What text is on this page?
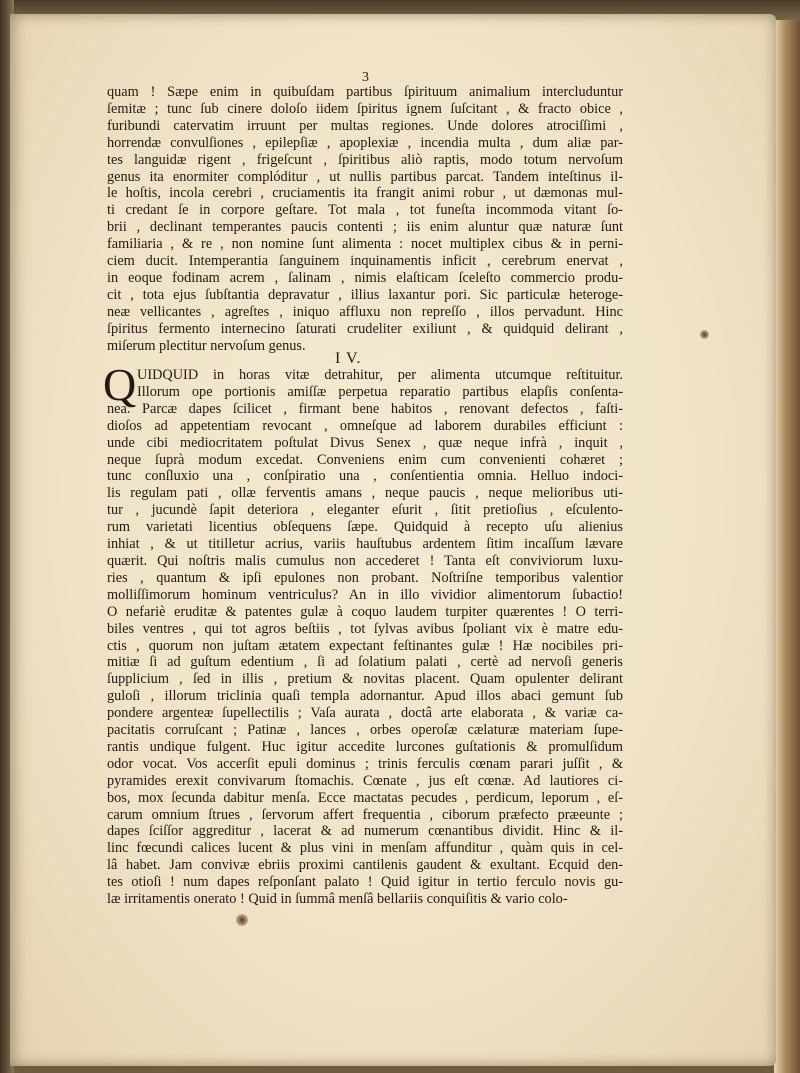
3
quam ! Sæpe enim in quibuſdam partibus ſpirituum animalium intercluduntur
ſemitæ ; tunc ſub cinere doloſo iidem ſpiritus ignem ſuſcitant , & fracto obice ,
furibundi catervatim irruunt per multas regiones. Unde dolores atrociſſimi ,
horrendæ convulſiones , epilepſiæ , apoplexiæ , incendia multa , dum aliæ par-
tes languidæ rigent , frigeſcunt , ſpiritibus aliò raptis, modo totum nervoſum
genus ita enormiter complóditur , ut nullis partibus parcat. Tandem inteſtinus il-
le hoſtis, incola cerebri , cruciamentis ita frangit animi robur , ut dæmonas mul-
ti credant ſe in corpore geſtare. Tot mala , tot funeſta incommoda vitant ſo-
brii , declinant temperantes paucis contenti ; iis enim aluntur quæ naturæ ſunt
familiaria , & re , non nomine ſunt alimenta : nocet multiplex cibus & in perni-
ciem ducit. Intemperantia ſanguinem inquinamentis inficit , cerebrum enervat ,
in eoque fodinam acrem , ſalinam , nimis elaſticam ſceleſto commercio produ-
cit , tota ejus ſubſtantia depravatur , illius laxantur pori. Sic particulæ heteroge-
neæ vellicantes , agreſtes , iniquo affluxu non repreſſo , illos pervadunt. Hinc
ſpiritus fermento internecino ſaturati crudeliter exiliunt , & quidquid delirant ,
miſerum plectitur nervoſum genus.
I V.
Q UIDQUID in horas vitæ detrahitur, per alimenta utcumque reſtituitur.
Illorum ope portionis amiſſæ perpetua reparatio partibus elapſis conſenta-
nea. Parcæ dapes ſcilicet , firmant bene habitos , renovant defectos , faſti-
dioſos ad appetentiam revocant , omneſque ad laborem durabiles efficiunt :
unde cibi mediocritatem poſtulat Divus Senex , quæ neque infrà , inquit ,
neque ſuprà modum excedat. Conveniens enim cum convenienti cohæret ;
tunc conſluxio una , conſpiratio una , conſentientia omnia. Helluo indoci-
lis regulam pati , ollæ ferventis amans , neque paucis , neque melioribus uti-
tur , jucundè ſapit deteriora , eleganter eſurit , ſitit pretioſius , eſculento-
rum varietati licentius obſequens ſæpe. Quidquid à recepto uſu alienius
inhiat , & ut titilletur acrius, variis hauſtubus ardentem ſitim incaſſum lævare
quærit. Qui noſtris malis cumulus non accederet ! Tanta eſt conviviorum luxu-
ries , quantum & ipſi epulones non probant. Noſtriſne temporibus valentior
molliſſimorum hominum ventriculus? An in illo vividior alimentorum ſubactio!
O nefariè eruditæ & patentes gulæ à coquo laudem turpiter quærentes ! O terri-
biles ventres , qui tot agros beſtiis , tot ſylvas avibus ſpoliant vix è matre edu-
ctis , quorum non juſtam ætatem expectant feſtinantes gulæ ! Hæ nocibiles pri-
mitiæ ſi ad guſtum edentium , ſi ad ſolatium palati , certè ad nervoſi generis
ſupplicium , ſed in illis , pretium & novitas placent. Quam opulenter delirant
guloſi , illorum triclinia quaſi templa adornantur. Apud illos abaci gemunt ſub
pondere argenteæ ſupellectilis ; Vaſa aurata , doctâ arte elaborata , & variæ ca-
pacitatis corruſcant ; Patinæ , lances , orbes operoſæ cælaturæ materiam ſupe-
rantis undique fulgent. Huc igitur accedite lurcones guſtationis & promulſidum
odor vocat. Vos accerſit epuli dominus ; trinis ferculis cœnam parari juſſit , &
pyramides erexit convivarum ſtomachis. Cœnate , jus eſt cœnæ. Ad lautiores ci-
bos, mox ſecunda dabitur menſa. Ecce mactatas pecudes , perdicum, leporum , eſ-
carum omnium ſtrues , ſervorum affert frequentia , ciborum præfecto præeunte ;
dapes ſciſſor aggreditur , lacerat & ad numerum cœnantibus dividit. Hinc & il-
linc fœcundi calices lucent & plus vini in menſam affunditur , quàm quis in cel-
lâ habet. Jam convivæ ebriis proximi cantilenis gaudent & exultant. Ecquid den-
tes otioſi ! num dapes reſponſant palato ! Quid igitur in tertio ferculo novis gu-
læ irritamentis onerato ! Quid in ſummâ menſâ bellariis conquiſitis & vario colo-
